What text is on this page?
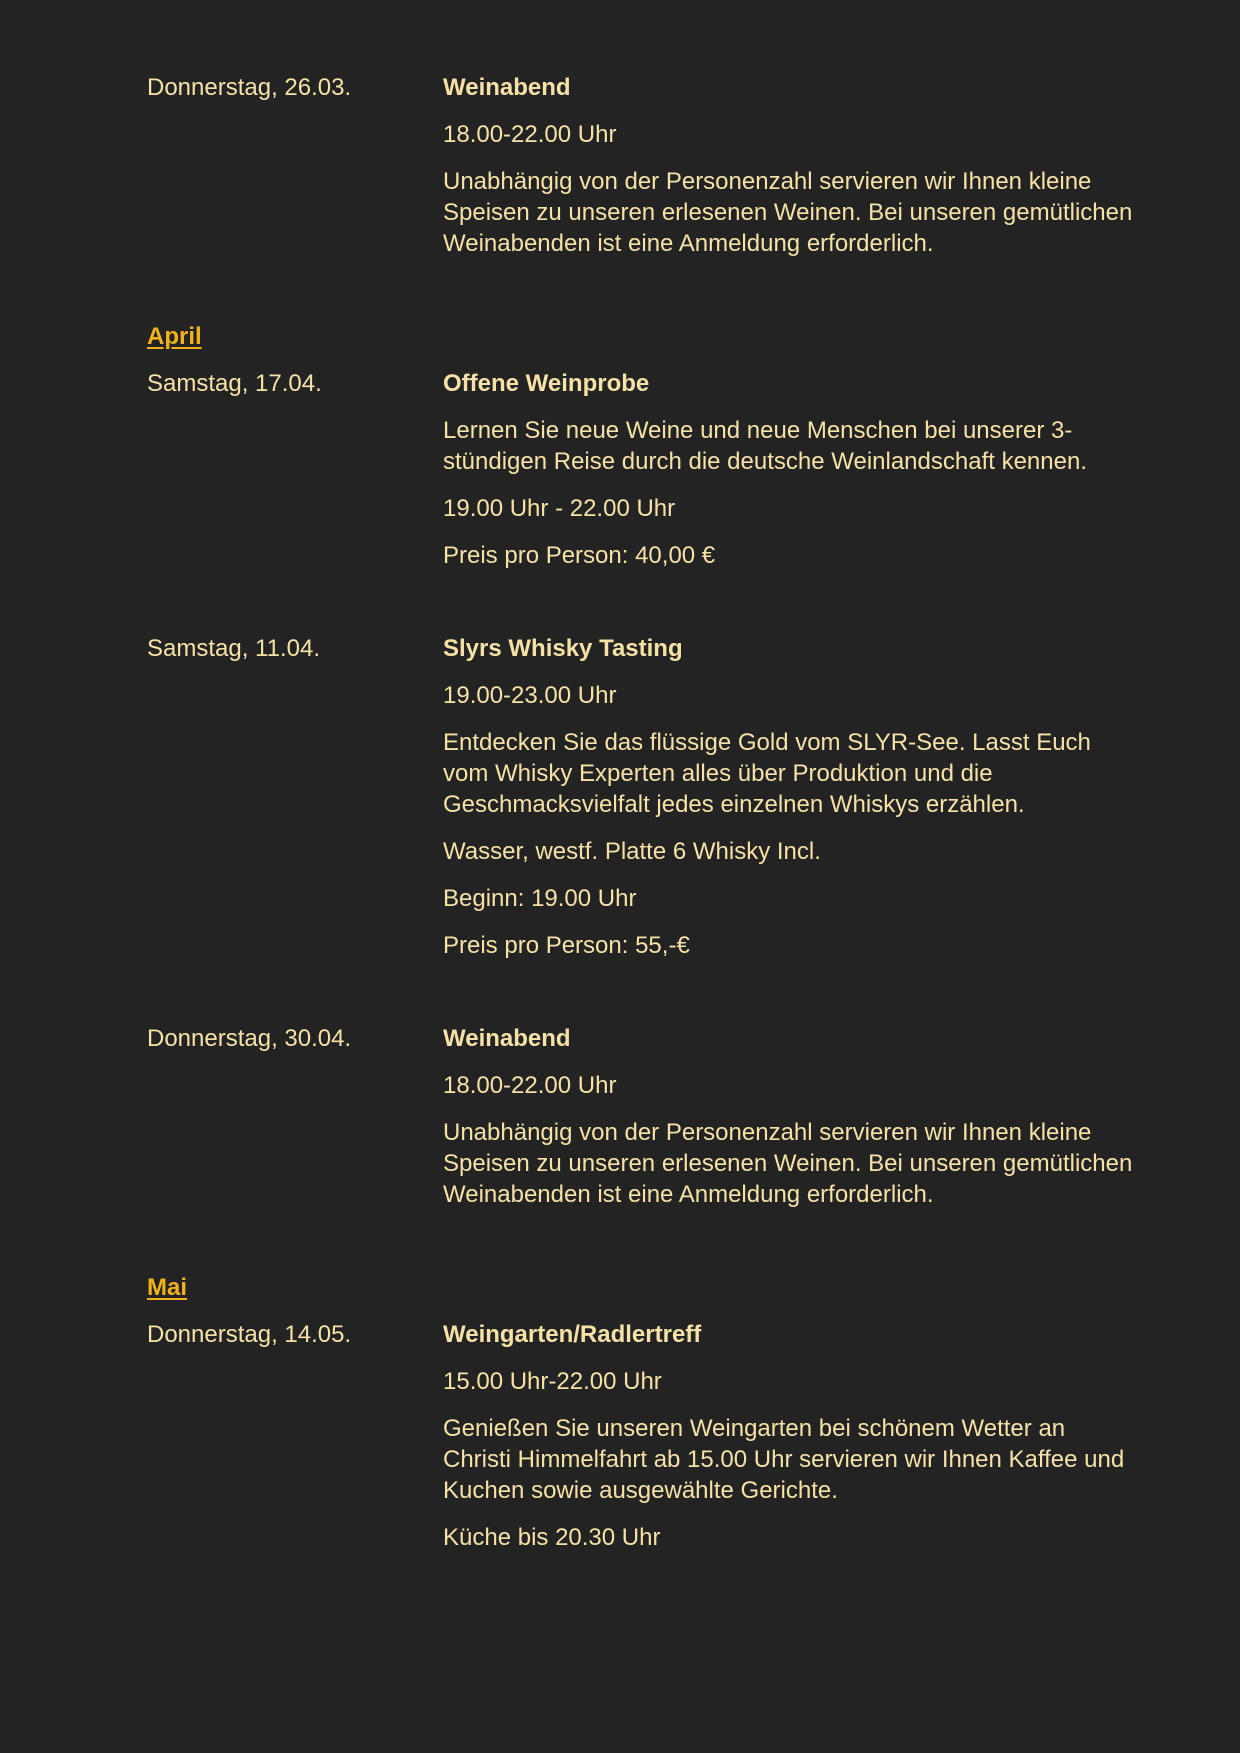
Donnerstag, 26.03.	Weinabend

18.00-22.00 Uhr

Unabhängig von der Personenzahl servieren wir Ihnen kleine Speisen zu unseren erlesenen Weinen. Bei unseren gemütlichen Weinabenden ist eine Anmeldung erforderlich.

April

Samstag, 17.04.	Offene Weinprobe

Lernen Sie neue Weine und neue Menschen bei unserer 3-stündigen Reise durch die deutsche Weinlandschaft kennen.

19.00 Uhr - 22.00 Uhr

Preis pro Person: 40,00 €

Samstag, 11.04.	Slyrs Whisky Tasting

19.00-23.00 Uhr

Entdecken Sie das flüssige Gold vom SLYR-See. Lasst Euch vom Whisky Experten alles über Produktion und die Geschmacksvielfalt jedes einzelnen Whiskys erzählen.

Wasser, westf. Platte 6 Whisky Incl.

Beginn: 19.00 Uhr

Preis pro Person: 55,-€

Donnerstag, 30.04.	Weinabend

18.00-22.00 Uhr

Unabhängig von der Personenzahl servieren wir Ihnen kleine Speisen zu unseren erlesenen Weinen. Bei unseren gemütlichen Weinabenden ist eine Anmeldung erforderlich.

Mai

Donnerstag, 14.05.	Weingarten/Radlertreff

15.00 Uhr-22.00 Uhr

Genießen Sie unseren Weingarten bei schönem Wetter an Christi Himmelfahrt ab 15.00 Uhr servieren wir Ihnen Kaffee und Kuchen sowie ausgewählte Gerichte.

Küche bis 20.30 Uhr
